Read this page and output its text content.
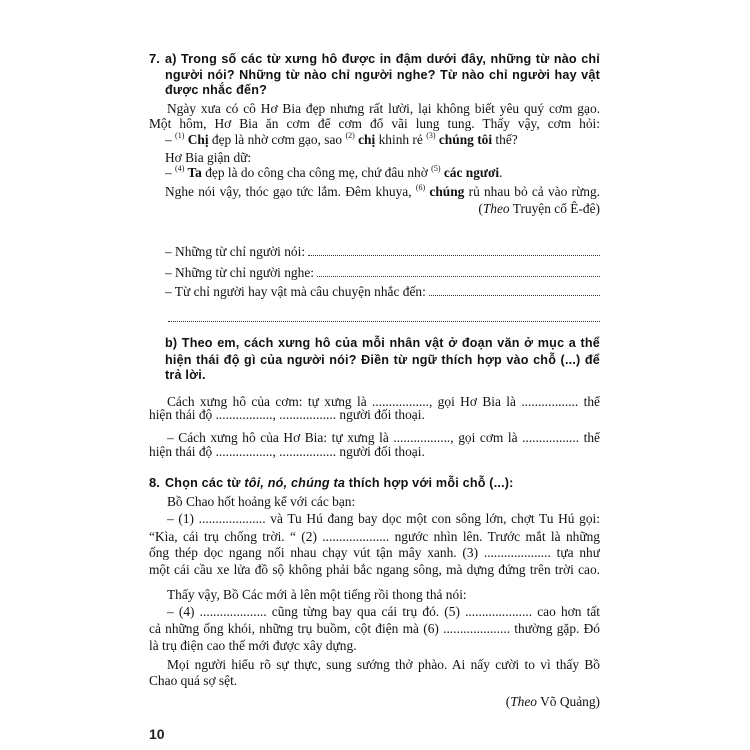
7.
8.
a) Trong số các từ xưng hô được in đậm dưới đây, những từ nào chỉ
người nói? Những từ nào chỉ người nghe? Từ nào chỉ người hay vật
được nhắc đến?
Ngày xưa có cô Hơ Bia đẹp nhưng rất lười, lại không biết yêu quý cơm gạo.
Một hôm, Hơ Bia ăn cơm để cơm đổ vãi lung tung. Thấy vậy, cơm hỏi:
– $^{(1)}$ Chị đẹp là nhờ cơm gạo, sao $^{(2)}$ chị khinh rẻ $^{(3)}$ chúng tôi thế?
Hơ Bia giận dữ:
– $^{(4)}$ Ta đẹp là do công cha công mẹ, chứ đâu nhờ $^{(5)}$ các ngươi.
Nghe nói vậy, thóc gạo tức lắm. Đêm khuya, $^{(6)}$ chúng rủ nhau bỏ cả vào rừng.
(Theo Truyện cổ Ê-đê)
– Những từ chỉ người nói:
– Những từ chỉ người nghe:
– Từ chỉ người hay vật mà câu chuyện nhắc đến:
b) Theo em, cách xưng hô của mỗi nhân vật ở đoạn văn ở mục a thể
hiện thái độ gì của người nói? Điền từ ngữ thích hợp vào chỗ (...) để
trả lời.
Cách xưng hô của cơm: tự xưng là ................., gọi Hơ Bia là ................. thể
hiện thái độ ................., ................. người đối thoại.
– Cách xưng hô của Hơ Bia: tự xưng là ................., gọi cơm là ................. thể
hiện thái độ ................., ................. người đối thoại.
Chọn các từ tôi, nó, chúng ta thích hợp với mỗi chỗ (...):
Bồ Chao hốt hoảng kể với các bạn:
– (1) .................... và Tu Hú đang bay dọc một con sông lớn, chợt Tu Hú gọi:
“Kìa, cái trụ chống trời. “ (2) .................... ngước nhìn lên. Trước mắt là những
ống thép dọc ngang nối nhau chạy vút tận mây xanh. (3) .................... tựa như
một cái cầu xe lửa đồ sộ không phải bắc ngang sông, mà dựng đứng trên trời cao.
Thấy vậy, Bồ Các mới à lên một tiếng rồi thong thả nói:
– (4) .................... cũng từng bay qua cái trụ đó. (5) .................... cao hơn tất
cả những ống khói, những trụ buồm, cột điện mà (6) .................... thường gặp. Đó
là trụ điện cao thế mới được xây dựng.
Mọi người hiểu rõ sự thực, sung sướng thở phào. Ai nấy cười to vì thấy Bồ
Chao quá sợ sệt.
(Theo Võ Quảng)
10
